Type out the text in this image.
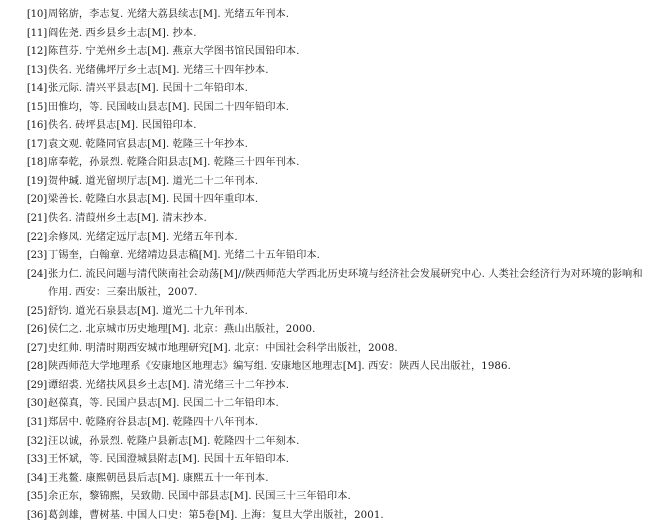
[10] 周铭旂，李志复. 光绪大荔县续志[M]. 光绪五年刊本.
[11] 阎佐尧. 西乡县乡土志[M]. 抄本.
[12] 陈苣芬. 宁羌州乡土志[M]. 燕京大学图书馆民国铅印本.
[13] 佚名. 光绪佛坪厅乡土志[M]. 光绪三十四年抄本.
[14] 张元际. 清兴平县志[M]. 民国十二年铅印本.
[15] 田惟均，等. 民国岐山县志[M]. 民国二十四年铅印本.
[16] 佚名. 砖坪县志[M]. 民国铅印本.
[17] 袁文观. 乾隆同官县志[M]. 乾隆三十年抄本.
[18] 席奉乾，孙景烈. 乾隆合阳县志[M]. 乾隆三十四年刊本.
[19] 贺仲瑊. 道光留坝厅志[M]. 道光二十二年刊本.
[20] 梁善长. 乾隆白水县志[M]. 民国十四年重印本.
[21] 佚名. 清葭州乡土志[M]. 清末抄本.
[22] 余修凤. 光绪定远厅志[M]. 光绪五年刊本.
[23] 丁锡奎，白翰章. 光绪靖边县志稿[M]. 光绪二十五年铅印本.
[24] 张力仁. 流民问题与清代陕南社会动荡[M]//陕西师范大学西北历史环境与经济社会发展研究中心. 人类社会经济行为对环境的影响和作用. 西安：三秦出版社，2007.
[25] 舒钧. 道光石泉县志[M]. 道光二十九年刊本.
[26] 侯仁之. 北京城市历史地理[M]. 北京：燕山出版社，2000.
[27] 史红帅. 明清时期西安城市地理研究[M]. 北京：中国社会科学出版社，2008.
[28] 陕西师范大学地理系《安康地区地理志》编写组. 安康地区地理志[M]. 西安：陕西人民出版社，1986.
[29] 谭绍裘. 光绪扶风县乡土志[M]. 清光绪三十二年抄本.
[30] 赵葆真，等. 民国户县志[M]. 民国二十二年铅印本.
[31] 郑居中. 乾隆府谷县志[M]. 乾隆四十八年刊本.
[32] 汪以诚，孙景烈. 乾隆户县新志[M]. 乾隆四十二年刻本.
[33] 王怀斌，等. 民国澄城县附志[M]. 民国十五年铅印本.
[34] 王兆鳌. 康熙朝邑县后志[M]. 康熙五十一年刊本.
[35] 余正东，黎锦熙，吴致勋. 民国中部县志[M]. 民国三十三年铅印本.
[36] 葛剑雄，曹树基. 中国人口史：第5卷[M]. 上海：复旦大学出版社，2001.
